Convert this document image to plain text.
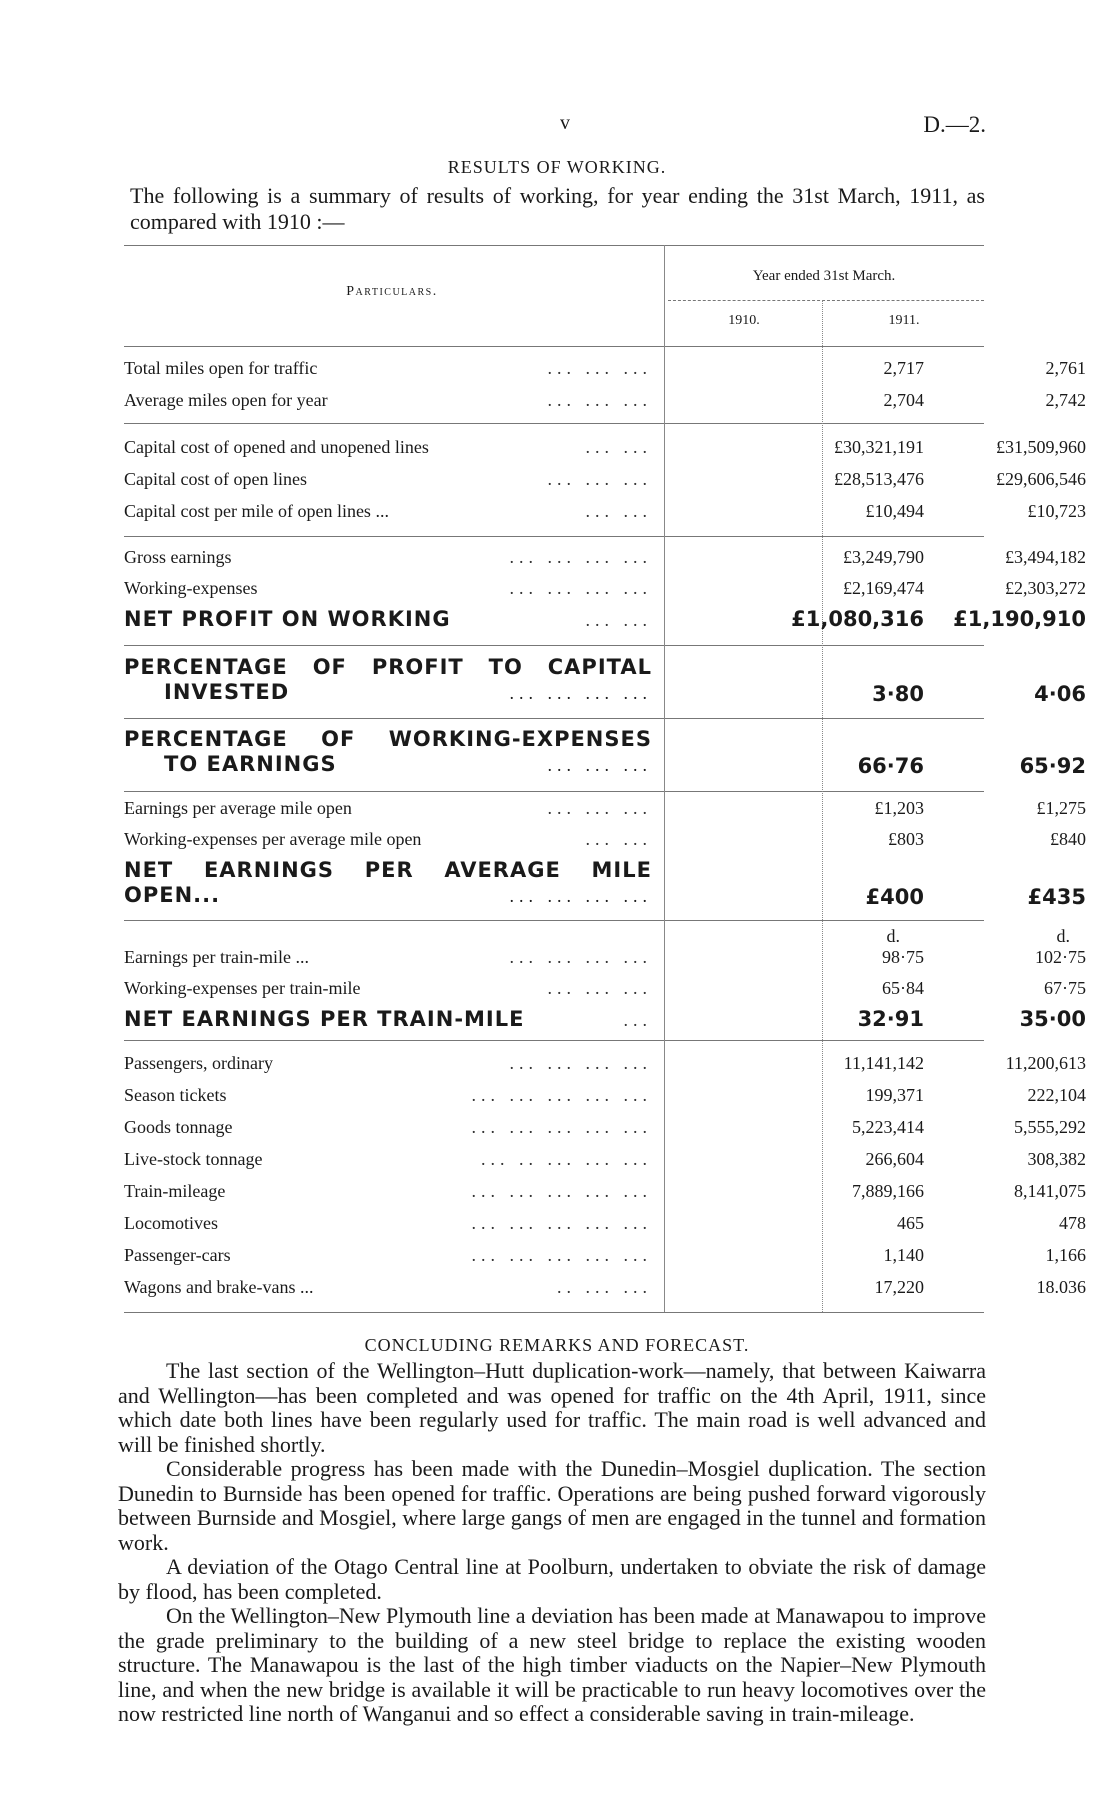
v	D.—2.
RESULTS OF WORKING.
The following is a summary of results of working, for year ending the 31st March, 1911, as compared with 1910 :—
Particulars.
Year ended 31st March.
1910.	1911.
Total miles open for traffic	... ... ...	2,717	2,761
Average miles open for year	... ... ...	2,704	2,742
Capital cost of opened and unopened lines	... ...	£30,321,191	£31,509,960
Capital cost of open lines	... ... ...	£28,513,476	£29,606,546
Capital cost per mile of open lines ...	... ...	£10,494	£10,723
Gross earnings	... ... ... ...	£3,249,790	£3,494,182
Working-expenses	... ... ... ...	£2,169,474	£2,303,272
NET PROFIT ON WORKING	... ...	£1,080,316	£1,190,910
PERCENTAGE OF PROFIT TO CAPITAL
INVESTED	... ... ... ...	3·80	4·06
PERCENTAGE OF WORKING-EXPENSES
TO EARNINGS	... ... ...	66·76	65·92
Earnings per average mile open	... ... ...	£1,203	£1,275
Working-expenses per average mile open	... ...	£803	£840
NET EARNINGS PER AVERAGE MILE
OPEN...	... ... ... ...	£400	£435
d.	d.
Earnings per train-mile ...	... ... ... ...	98·75	102·75
Working-expenses per train-mile	... ... ...	65·84	67·75
NET EARNINGS PER TRAIN-MILE	...	32·91	35·00
Passengers, ordinary	... ... ... ...	11,141,142	11,200,613
Season tickets	... ... ... ... ...	199,371	222,104
Goods tonnage	... ... ... ... ...	5,223,414	5,555,292
Live-stock tonnage	... .. ... ... ...	266,604	308,382
Train-mileage	... ... ... ... ...	7,889,166	8,141,075
Locomotives	... ... ... ... ...	465	478
Passenger-cars	... ... ... ... ...	1,140	1,166
Wagons and brake-vans ...	.. ... ...	17,220	18.036
CONCLUDING REMARKS AND FORECAST.

The last section of the Wellington–Hutt duplication-work—namely, that between Kaiwarra and Wellington—has been completed and was opened for traffic on the 4th April, 1911, since which date both lines have been regularly used for traffic. The main road is well advanced and will be finished shortly.

Considerable progress has been made with the Dunedin–Mosgiel duplication. The section Dunedin to Burnside has been opened for traffic. Operations are being pushed forward vigorously between Burnside and Mosgiel, where large gangs of men are engaged in the tunnel and formation work.

A deviation of the Otago Central line at Poolburn, undertaken to obviate the risk of damage by flood, has been completed.

On the Wellington–New Plymouth line a deviation has been made at Manawapou to improve the grade preliminary to the building of a new steel bridge to replace the existing wooden structure. The Manawapou is the last of the high timber viaducts on the Napier–New Plymouth line, and when the new bridge is available it will be practicable to run heavy locomotives over the now restricted line north of Wanganui and so effect a considerable saving in train-mileage.
